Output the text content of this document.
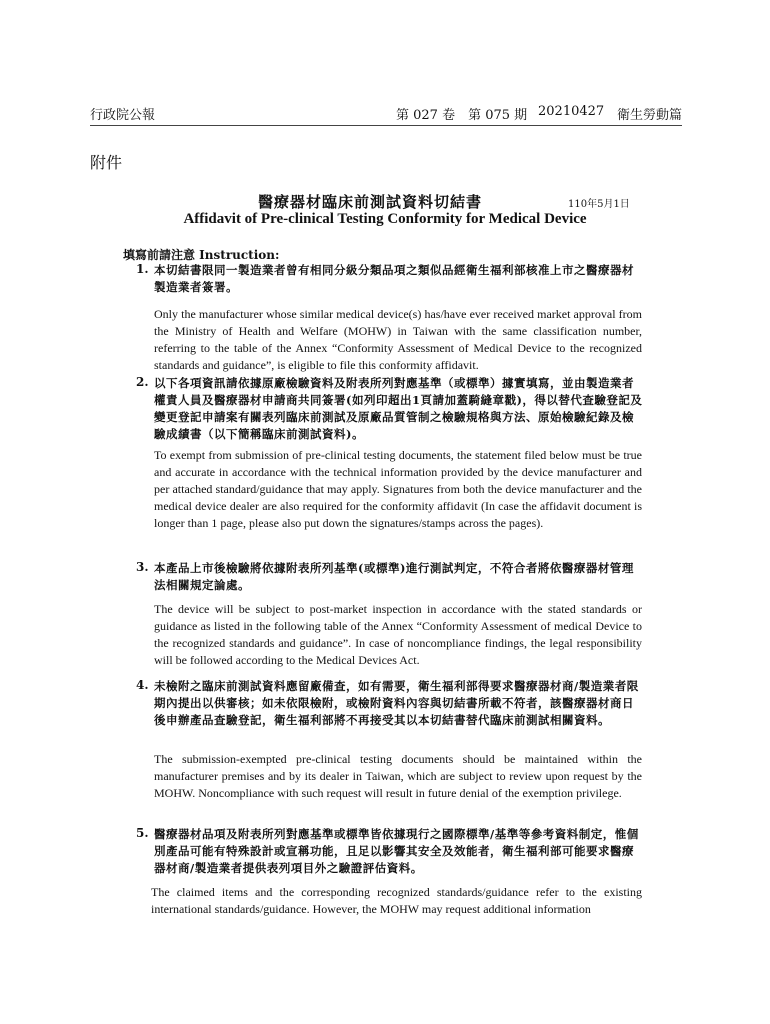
行政院公報	第 027 卷　第 075 期 20210427 衛生勞動篇
附件
醫療器材臨床前測試資料切結書	110年5月1日
Affidavit of Pre-clinical Testing Conformity for Medical Device
填寫前請注意 Instruction:
1. 本切結書限同一製造業者曾有相同分級分類品項之類似品經衛生福利部核准上市之醫療器材製造業者簽署。
Only the manufacturer whose similar medical device(s) has/have ever received market approval from the Ministry of Health and Welfare (MOHW) in Taiwan with the same classification number, referring to the table of the Annex “Conformity Assessment of Medical Device to the recognized standards and guidance”, is eligible to file this conformity affidavit.
2. 以下各項資訊請依據原廠檢驗資料及附表所列對應基準（或標準）據實填寫，並由製造業者權責人員及醫療器材申請商共同簽署(如列印超出1頁請加蓋騎縫章戳)，得以替代查驗登記及變更登記申請案有關表列臨床前測試及原廠品質管制之檢驗規格與方法、原始檢驗紀錄及檢驗成績書（以下簡稱臨床前測試資料)。
To exempt from submission of pre-clinical testing documents, the statement filed below must be true and accurate in accordance with the technical information provided by the device manufacturer and per attached standard/guidance that may apply. Signatures from both the device manufacturer and the medical device dealer are also required for the conformity affidavit (In case the affidavit document is longer than 1 page, please also put down the signatures/stamps across the pages).
3. 本產品上市後檢驗將依據附表所列基準(或標準)進行測試判定，不符合者將依醫療器材管理法相關規定論處。
The device will be subject to post-market inspection in accordance with the stated standards or guidance as listed in the following table of the Annex “Conformity Assessment of medical Device to the recognized standards and guidance”. In case of noncompliance findings, the legal responsibility will be followed according to the Medical Devices Act.
4. 未檢附之臨床前測試資料應留廠備查，如有需要，衛生福利部得要求醫療器材商/製造業者限期內提出以供審核；如未依限檢附，或檢附資料內容與切結書所載不符者，該醫療器材商日後申辦產品查驗登記，衛生福利部將不再接受其以本切結書替代臨床前測試相關資料。
The submission-exempted pre-clinical testing documents should be maintained within the manufacturer premises and by its dealer in Taiwan, which are subject to review upon request by the MOHW. Noncompliance with such request will result in future denial of the exemption privilege.
5. 醫療器材品項及附表所列對應基準或標準皆依據現行之國際標準/基準等參考資料制定，惟個別產品可能有特殊設計或宣稱功能，且足以影響其安全及效能者，衛生福利部可能要求醫療器材商/製造業者提供表列項目外之驗證評估資料。
The claimed items and the corresponding recognized standards/guidance refer to the existing international standards/guidance. However, the MOHW may request additional information
